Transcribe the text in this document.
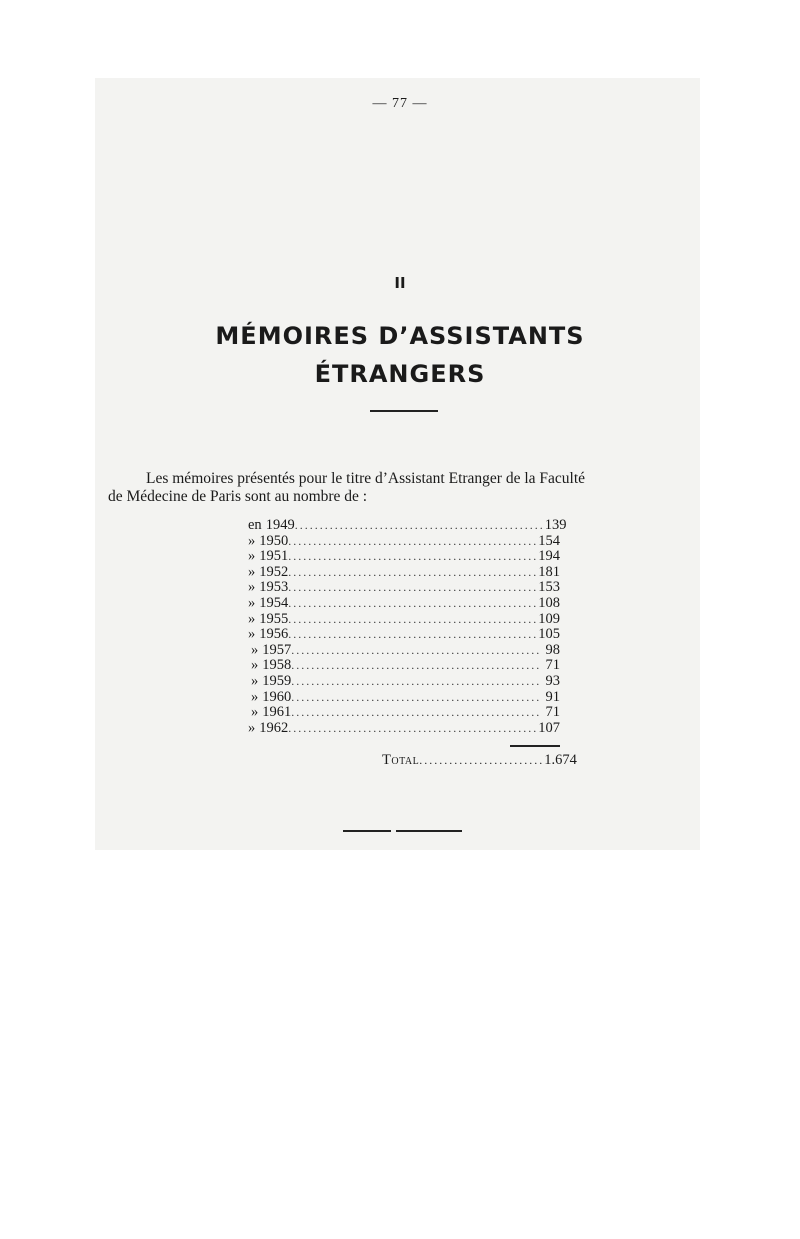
— 77 —
II
MÉMOIRES D’ASSISTANTS
ÉTRANGERS
Les mémoires présentés pour le titre d’Assistant Etranger de la Faculté
de Médecine de Paris sont au nombre de :
en 1949 .................................................. 139
» 1950 .................................................. 154
» 1951 .................................................. 194
» 1952 .................................................. 181
» 1953 .................................................. 153
» 1954 .................................................. 108
» 1955 .................................................. 109
» 1956 .................................................. 105
» 1957 .................................................. 98
» 1958 .................................................. 71
» 1959 .................................................. 93
» 1960 .................................................. 91
» 1961 .................................................. 71
» 1962 .................................................. 107
Total ......................... 1.674
